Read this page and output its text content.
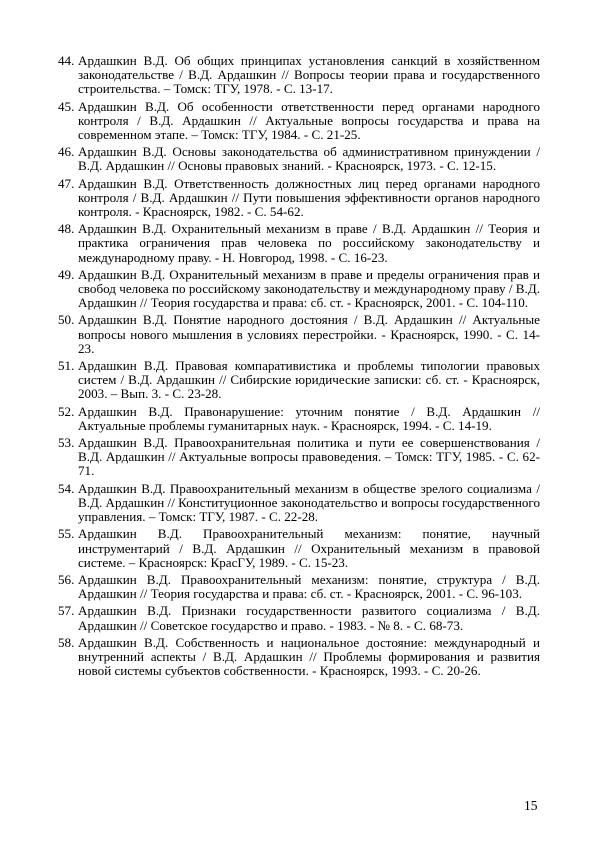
44. Ардашкин В.Д. Об общих принципах установления санкций в хозяйственном законодательстве / В.Д. Ардашкин // Вопросы теории права и государственного строительства. – Томск: ТГУ, 1978. - С. 13-17.
45. Ардашкин В.Д. Об особенности ответственности перед органами народного контроля / В.Д. Ардашкин // Актуальные вопросы государства и права на современном этапе. – Томск: ТГУ, 1984. - С. 21-25.
46. Ардашкин В.Д. Основы законодательства об административном принуждении / В.Д. Ардашкин // Основы правовых знаний. - Красноярск, 1973. - С. 12-15.
47. Ардашкин В.Д. Ответственность должностных лиц перед органами народного контроля / В.Д. Ардашкин // Пути повышения эффективности органов народного контроля. - Красноярск, 1982. - С. 54-62.
48. Ардашкин В.Д. Охранительный механизм в праве / В.Д. Ардашкин // Теория и практика ограничения прав человека по российскому законодательству и международному праву. - Н. Новгород, 1998. - С. 16-23.
49. Ардашкин В.Д. Охранительный механизм в праве и пределы ограничения прав и свобод человека по российскому законодательству и международному праву / В.Д. Ардашкин // Теория государства и права: сб. ст. - Красноярск, 2001. - С. 104-110.
50. Ардашкин В.Д. Понятие народного достояния / В.Д. Ардашкин // Актуальные вопросы нового мышления в условиях перестройки. - Красноярск, 1990. - С. 14-23.
51. Ардашкин В.Д. Правовая компаративистика и проблемы типологии правовых систем / В.Д. Ардашкин // Сибирские юридические записки: сб. ст. - Красноярск, 2003. – Вып. 3. - С. 23-28.
52. Ардашкин В.Д. Правонарушение: уточним понятие / В.Д. Ардашкин // Актуальные проблемы гуманитарных наук. - Красноярск, 1994. - С. 14-19.
53. Ардашкин В.Д. Правоохранительная политика и пути ее совершенствования / В.Д. Ардашкин // Актуальные вопросы правоведения. – Томск: ТГУ, 1985. - С. 62-71.
54. Ардашкин В.Д. Правоохранительный механизм в обществе зрелого социализма / В.Д. Ардашкин // Конституционное законодательство и вопросы государственного управления. – Томск: ТГУ, 1987. - С. 22-28.
55. Ардашкин В.Д. Правоохранительный механизм: понятие, научный инструментарий / В.Д. Ардашкин // Охранительный механизм в правовой системе. – Красноярск: КрасГУ, 1989. - С. 15-23.
56. Ардашкин В.Д. Правоохранительный механизм: понятие, структура / В.Д. Ардашкин // Теория государства и права: сб. ст. - Красноярск, 2001. - С. 96-103.
57. Ардашкин В.Д. Признаки государственности развитого социализма / В.Д. Ардашкин // Советское государство и право. - 1983. - № 8. - С. 68-73.
58. Ардашкин В.Д. Собственность и национальное достояние: международный и внутренний аспекты / В.Д. Ардашкин // Проблемы формирования и развития новой системы субъектов собственности. - Красноярск, 1993. - С. 20-26.
15
